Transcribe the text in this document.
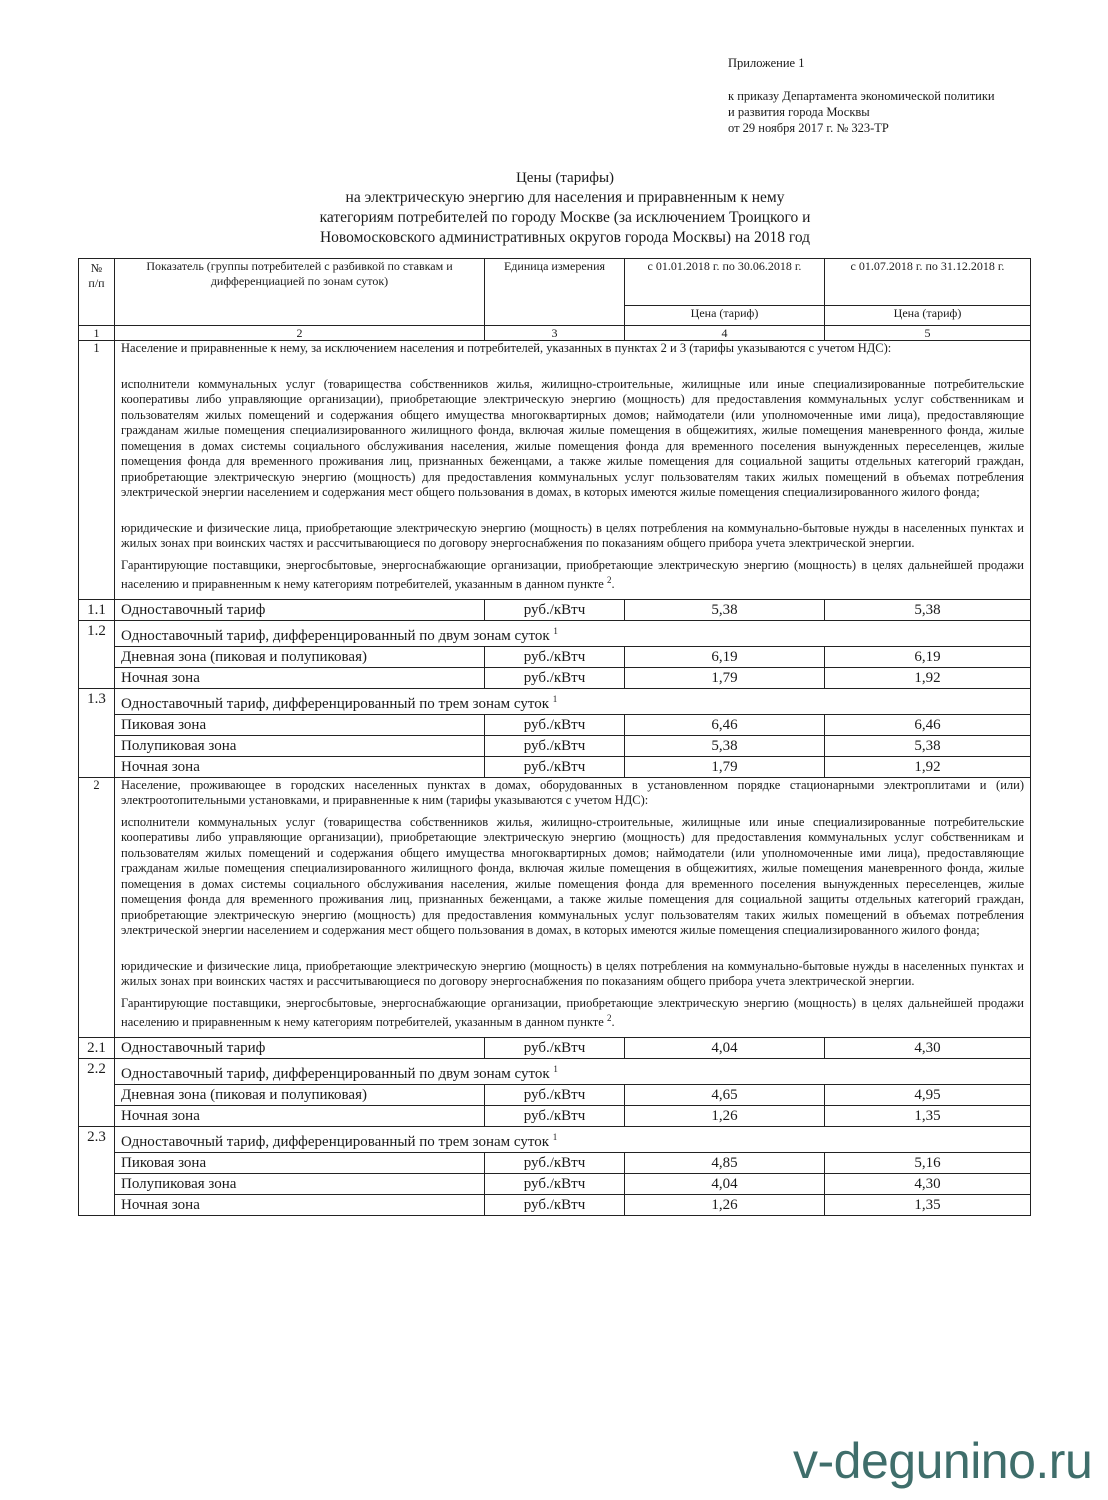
Приложение 1
к приказу Департамента экономической политики
и развития города Москвы
от 29 ноября 2017 г. № 323-ТР
Цены (тарифы)
на электрическую энергию для населения и приравненным к нему
категориям потребителей по городу Москве (за исключением Троицкого и
Новомосковского административных округов города Москвы) на 2018 год
№ п/п	Показатель (группы потребителей с разбивкой по ставкам и дифференциацией по зонам суток)	Единица измерения	с 01.01.2018 г. по 30.06.2018 г.	с 01.07.2018 г. по 31.12.2018 г.
			Цена (тариф)	Цена (тариф)
1	2	3	4	5
1	Население и приравненные к нему, за исключением населения и потребителей, указанных в пунктах 2 и 3 (тарифы указываются с учетом НДС):

исполнители коммунальных услуг (товарищества собственников жилья, жилищно-строительные, жилищные или иные специализированные потребительские кооперативы либо управляющие организации), приобретающие электрическую энергию (мощность) для предоставления коммунальных услуг собственникам и пользователям жилых помещений и содержания общего имущества многоквартирных домов; наймодатели (или уполномоченные ими лица), предоставляющие гражданам жилые помещения специализированного жилищного фонда, включая жилые помещения в общежитиях, жилые помещения маневренного фонда, жилые помещения в домах системы социального обслуживания населения, жилые помещения фонда для временного поселения вынужденных переселенцев, жилые помещения фонда для временного проживания лиц, признанных беженцами, а также жилые помещения для социальной защиты отдельных категорий граждан, приобретающие электрическую энергию (мощность) для предоставления коммунальных услуг пользователям таких жилых помещений в объемах потребления электрической энергии населением и содержания мест общего пользования в домах, в которых имеются жилые помещения специализированного жилого фонда;

юридические и физические лица, приобретающие электрическую энергию (мощность) в целях потребления на коммунально-бытовые нужды в населенных пунктах и жилых зонах при воинских частях и рассчитывающиеся по договору энергоснабжения по показаниям общего прибора учета электрической энергии.

Гарантирующие поставщики, энергосбытовые, энергоснабжающие организации, приобретающие электрическую энергию (мощность) в целях дальнейшей продажи населению и приравненным к нему категориям потребителей, указанным в данном пункте $^2$.			

1.1	Одноставочный тариф	руб./кВтч	5,38	5,38
1.2	Одноставочный тариф, дифференцированный по двум зонам суток $^1$
	Дневная зона (пиковая и полупиковая)	руб./кВтч	6,19	6,19
	Ночная зона	руб./кВтч	1,79	1,92
1.3	Одноставочный тариф, дифференцированный по трем зонам суток $^1$
	Пиковая зона	руб./кВтч	6,46	6,46
	Полупиковая зона	руб./кВтч	5,38	5,38
	Ночная зона	руб./кВтч	1,79	1,92
2	Население, проживающее в городских населенных пунктах в домах, оборудованных в установленном порядке стационарными электроплитами и (или) электроотопительными установками, и приравненные к ним (тарифы указываются с учетом НДС):

исполнители коммунальных услуг (товарищества собственников жилья, жилищно-строительные, жилищные или иные специализированные потребительские кооперативы либо управляющие организации), приобретающие электрическую энергию (мощность) для предоставления коммунальных услуг собственникам и пользователям жилых помещений и содержания общего имущества многоквартирных домов; наймодатели (или уполномоченные ими лица), предоставляющие гражданам жилые помещения специализированного жилищного фонда, включая жилые помещения в общежитиях, жилые помещения маневренного фонда, жилые помещения в домах системы социального обслуживания населения, жилые помещения фонда для временного поселения вынужденных переселенцев, жилые помещения фонда для временного проживания лиц, признанных беженцами, а также жилые помещения для социальной защиты отдельных категорий граждан, приобретающие электрическую энергию (мощность) для предоставления коммунальных услуг пользователям таких жилых помещений в объемах потребления электрической энергии населением и содержания мест общего пользования в домах, в которых имеются жилые помещения специализированного жилого фонда;

юридические и физические лица, приобретающие электрическую энергию (мощность) в целях потребления на коммунально-бытовые нужды в населенных пунктах и жилых зонах при воинских частях и рассчитывающиеся по договору энергоснабжения по показаниям общего прибора учета электрической энергии.

Гарантирующие поставщики, энергосбытовые, энергоснабжающие организации, приобретающие электрическую энергию (мощность) в целях дальнейшей продажи населению и приравненным к нему категориям потребителей, указанным в данном пункте $^2$.			

2.1	Одноставочный тариф	руб./кВтч	4,04	4,30
2.2	Одноставочный тариф, дифференцированный по двум зонам суток $^1$
	Дневная зона (пиковая и полупиковая)	руб./кВтч	4,65	4,95
	Ночная зона	руб./кВтч	1,26	1,35
2.3	Одноставочный тариф, дифференцированный по трем зонам суток $^1$
	Пиковая зона	руб./кВтч	4,85	5,16
	Полупиковая зона	руб./кВтч	4,04	4,30
	Ночная зона	руб./кВтч	1,26	1,35
v-degunino.ru
